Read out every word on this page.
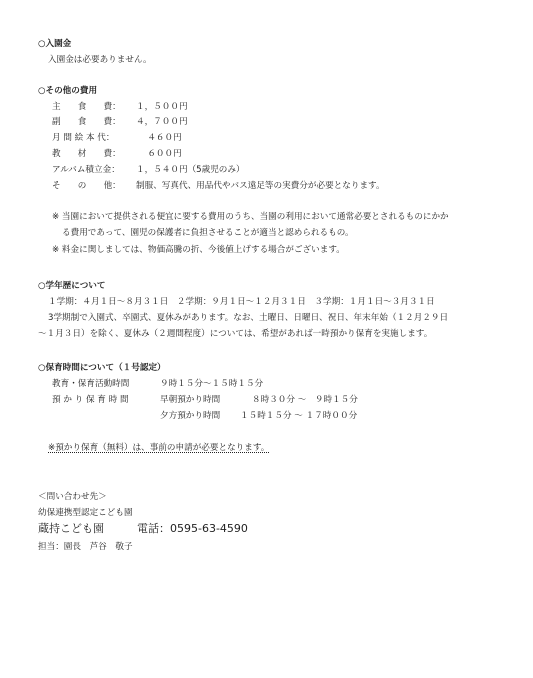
○入園金
入園金は必要ありません。
○その他の費用
主　　食　　費： １，５００円
副　　食　　費： ４，７００円
月 間 絵 本 代：	　 ４６０円
教　　材　　費： 　 ６００円
アルバム積立金： １，５４０円（5歳児のみ）
そ　　の　　他： 制服、写真代、用品代やバス遠足等の実費分が必要となります。
※ 当園において提供される便宜に要する費用のうち、当園の利用において通常必要とされるものにかか
る費用であって、園児の保護者に負担させることが適当と認められるもの。
※ 料金に関しましては、物価高騰の折、今後値上げする場合がございます。
○学年歴について
１学期：４月１日～８月３１日　２学期：９月１日～１２月３１日　３学期：１月１日～３月３１日
3学期制で入園式、卒園式、夏休みがあります。なお、土曜日、日曜日、祝日、年末年始（１２月２９日
～１月３日）を除く、夏休み（２週間程度）については、希望があれば一時預かり保育を実施します。
○保育時間について（１号認定）
教育・保育活動時間	９時１５分～１５時１５分
預 か り 保 育 時 間	早朝預かり時間	８時３０分 ～　９時１５分
夕方預かり時間 １５時１５分 ～ １７時００分
※預かり保育（無料）は、事前の申請が必要となります。
＜問い合わせ先＞
幼保連携型認定こども園
蔵持こども園	電話：0595-63-4590
担当：園長　芦谷　敬子
